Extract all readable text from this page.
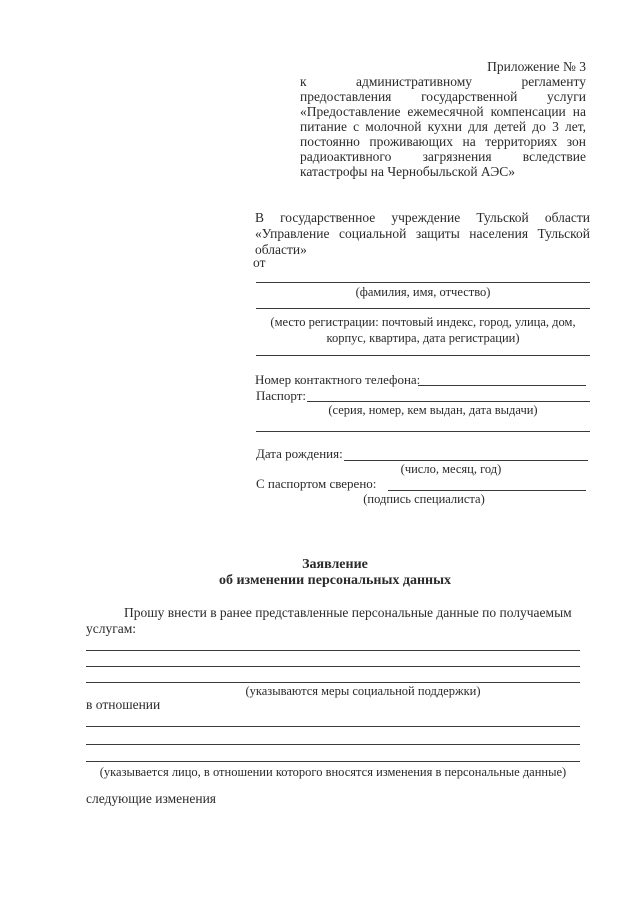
Приложение № 3
к административному регламенту
предоставления государственной услуги
«Предоставление ежемесячной компенсации на
питание с молочной кухни для детей до 3 лет,
постоянно проживающих на территориях зон
радиоактивного загрязнения вследствие
катастрофы на Чернобыльской АЭС»
В государственное учреждение Тульской области
«Управление социальной защиты населения Тульской
области»
от
(фамилия, имя, отчество)
(место регистрации: почтовый индекс, город, улица, дом,
корпус, квартира, дата регистрации)
Номер контактного телефона:
Паспорт:
(серия, номер, кем выдан, дата выдачи)
Дата рождения:
(число, месяц, год)
С паспортом сверено:
(подпись специалиста)
Заявление
об изменении персональных данных
Прошу внести в ранее представленные персональные данные по получаемым
услугам:
(указываются меры социальной поддержки)
в отношении
(указывается лицо, в отношении которого вносятся изменения в персональные данные)
следующие изменения
